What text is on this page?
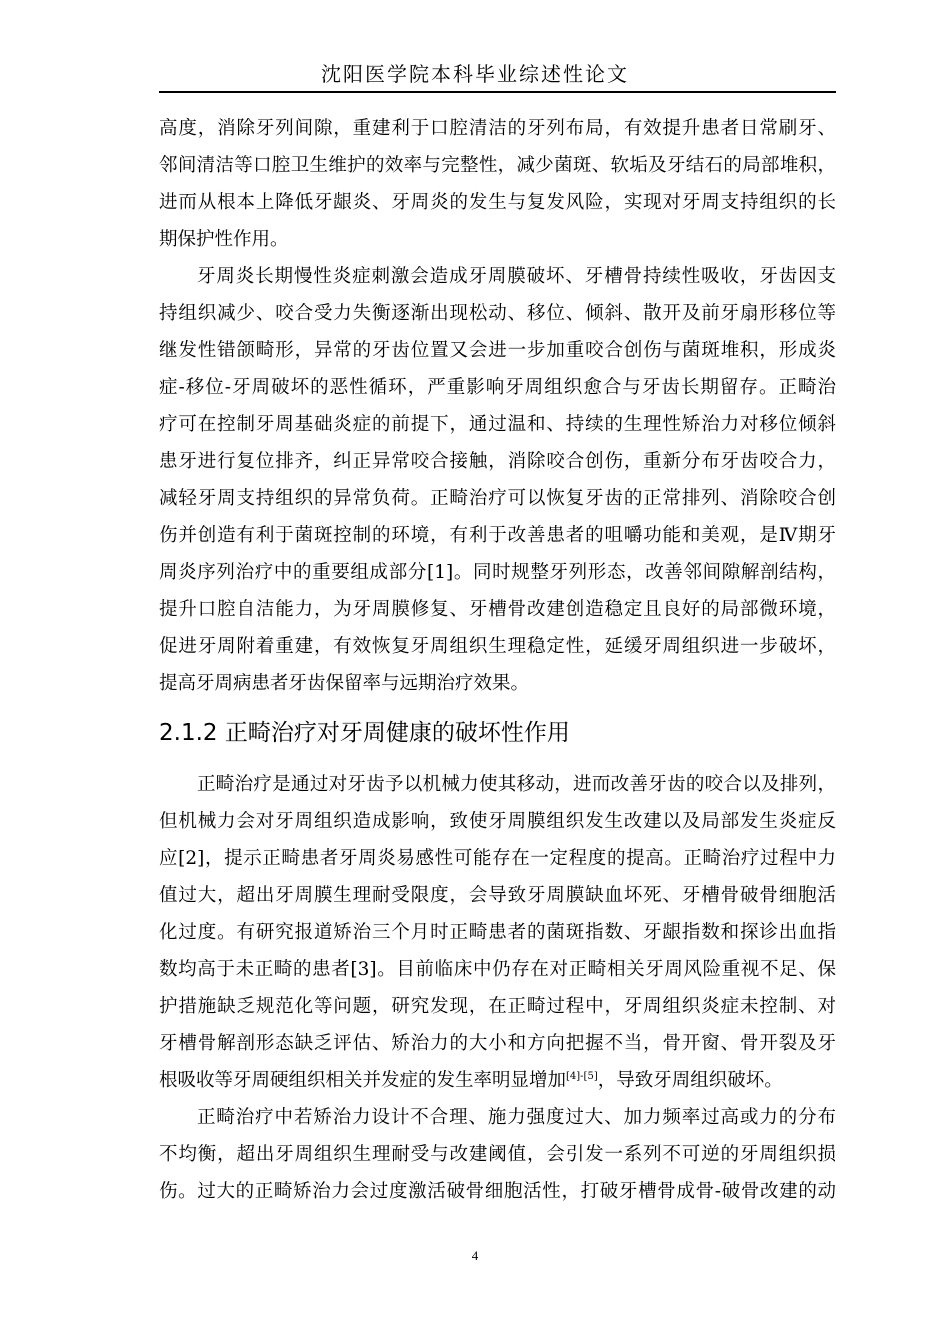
沈阳医学院本科毕业综述性论文
高度，消除牙列间隙，重建利于口腔清洁的牙列布局，有效提升患者日常刷牙、
邻间清洁等口腔卫生维护的效率与完整性，减少菌斑、软垢及牙结石的局部堆积，
进而从根本上降低牙龈炎、牙周炎的发生与复发风险，实现对牙周支持组织的长
期保护性作用。
牙周炎长期慢性炎症刺激会造成牙周膜破坏、牙槽骨持续性吸收，牙齿因支
持组织减少、咬合受力失衡逐渐出现松动、移位、倾斜、散开及前牙扇形移位等
继发性错颌畸形，异常的牙齿位置又会进一步加重咬合创伤与菌斑堆积，形成炎
症-移位-牙周破坏的恶性循环，严重影响牙周组织愈合与牙齿长期留存。正畸治
疗可在控制牙周基础炎症的前提下，通过温和、持续的生理性矫治力对移位倾斜
患牙进行复位排齐，纠正异常咬合接触，消除咬合创伤，重新分布牙齿咬合力，
减轻牙周支持组织的异常负荷。正畸治疗可以恢复牙齿的正常排列、消除咬合创
伤并创造有利于菌斑控制的环境，有利于改善患者的咀嚼功能和美观，是Ⅳ期牙
周炎序列治疗中的重要组成部分[1]。同时规整牙列形态，改善邻间隙解剖结构，
提升口腔自洁能力，为牙周膜修复、牙槽骨改建创造稳定且良好的局部微环境，
促进牙周附着重建，有效恢复牙周组织生理稳定性，延缓牙周组织进一步破坏，
提高牙周病患者牙齿保留率与远期治疗效果。
2.1.2 正畸治疗对牙周健康的破坏性作用
正畸治疗是通过对牙齿予以机械力使其移动，进而改善牙齿的咬合以及排列，
但机械力会对牙周组织造成影响，致使牙周膜组织发生改建以及局部发生炎症反
应[2]，提示正畸患者牙周炎易感性可能存在一定程度的提高。正畸治疗过程中力
值过大，超出牙周膜生理耐受限度，会导致牙周膜缺血坏死、牙槽骨破骨细胞活
化过度。有研究报道矫治三个月时正畸患者的菌斑指数、牙龈指数和探诊出血指
数均高于未正畸的患者[3]。目前临床中仍存在对正畸相关牙周风险重视不足、保
护措施缺乏规范化等问题，研究发现，在正畸过程中，牙周组织炎症未控制、对
牙槽骨解剖形态缺乏评估、矫治力的大小和方向把握不当，骨开窗、骨开裂及牙
根吸收等牙周硬组织相关并发症的发生率明显增加[4]-[5]，导致牙周组织破坏。
正畸治疗中若矫治力设计不合理、施力强度过大、加力频率过高或力的分布
不均衡，超出牙周组织生理耐受与改建阈值，会引发一系列不可逆的牙周组织损
伤。过大的正畸矫治力会过度激活破骨细胞活性，打破牙槽骨成骨-破骨改建的动
4
